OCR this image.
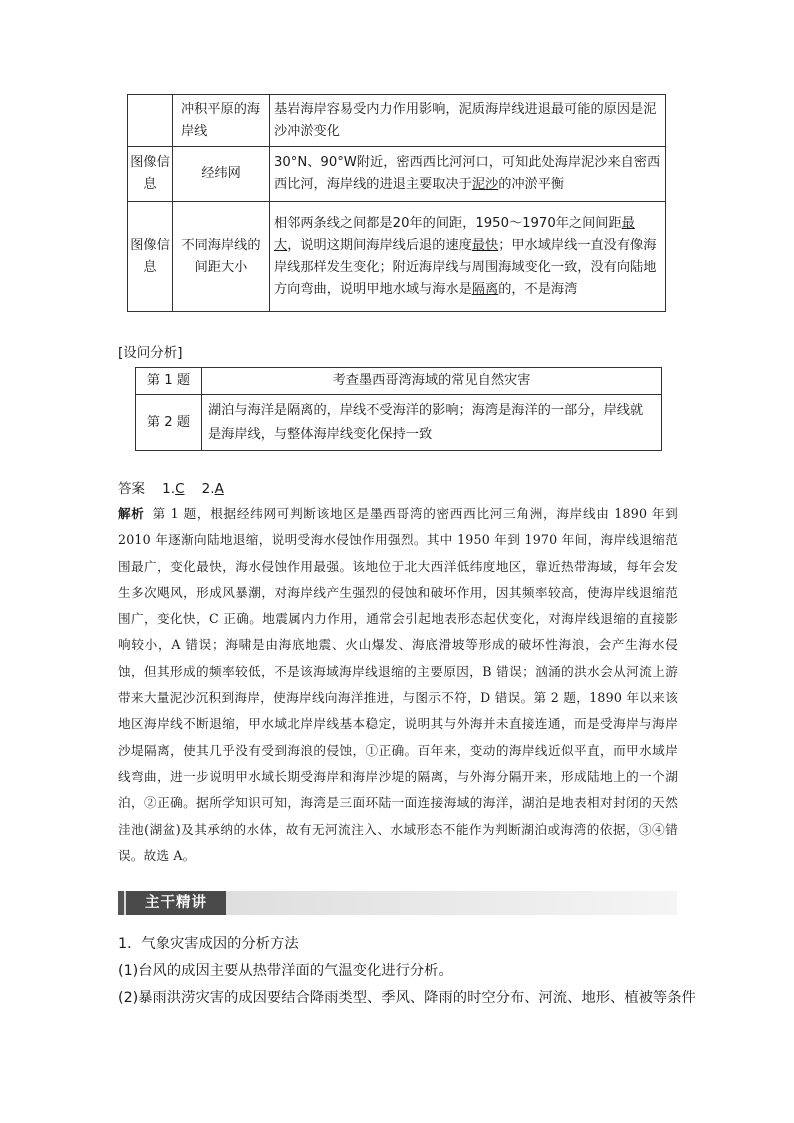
	冲积平原的海岸线	基岩海岸容易受内力作用影响，泥质海岸线进退最可能的原因是泥沙冲淤变化
图像信息	经纬网	30°N、90°W附近，密西西比河河口，可知此处海岸泥沙来自密西西比河，海岸线的进退主要取决于泥沙的冲淤平衡
图像信息	不同海岸线的间距大小	相邻两条线之间都是20年的间距，1950～1970年之间间距最大，说明这期间海岸线后退的速度最快；甲水域岸线一直没有像海岸线那样发生变化；附近海岸线与周围海域变化一致，没有向陆地方向弯曲，说明甲地水域与海水是隔离的，不是海湾
[设问分析]
第 1 题	考查墨西哥湾海域的常见自然灾害
第 2 题	湖泊与海洋是隔离的，岸线不受海洋的影响；海湾是海洋的一部分，岸线就是海岸线，与整体海岸线变化保持一致
答案 1.C 2.A
解析 第 1 题，根据经纬网可判断该地区是墨西哥湾的密西西比河三角洲，海岸线由 1890 年到 2010 年逐渐向陆地退缩，说明受海水侵蚀作用强烈。其中 1950 年到 1970 年间，海岸线退缩范围最广，变化最快，海水侵蚀作用最强。该地位于北大西洋低纬度地区，靠近热带海域，每年会发生多次飓风，形成风暴潮，对海岸线产生强烈的侵蚀和破坏作用，因其频率较高，使海岸线退缩范围广，变化快，C 正确。地震属内力作用，通常会引起地表形态起伏变化，对海岸线退缩的直接影响较小，A 错误；海啸是由海底地震、火山爆发、海底滑坡等形成的破坏性海浪，会产生海水侵蚀，但其形成的频率较低，不是该海域海岸线退缩的主要原因，B 错误；汹涌的洪水会从河流上游带来大量泥沙沉积到海岸，使海岸线向海洋推进，与图示不符，D 错误。第 2 题，1890 年以来该地区海岸线不断退缩，甲水域北岸岸线基本稳定，说明其与外海并未直接连通，而是受海岸与海岸沙堤隔离，使其几乎没有受到海浪的侵蚀，①正确。百年来，变动的海岸线近似平直，而甲水域岸线弯曲，进一步说明甲水域长期受海岸和海岸沙堤的隔离，与外海分隔开来，形成陆地上的一个湖泊，②正确。据所学知识可知，海湾是三面环陆一面连接海域的海洋，湖泊是地表相对封闭的天然洼池(湖盆)及其承纳的水体，故有无河流注入、水域形态不能作为判断湖泊或海湾的依据，③④错误。故选 A。
主干精讲
1．气象灾害成因的分析方法
(1)台风的成因主要从热带洋面的气温变化进行分析。
(2)暴雨洪涝灾害的成因要结合降雨类型、季风、降雨的时空分布、河流、地形、植被等条件
